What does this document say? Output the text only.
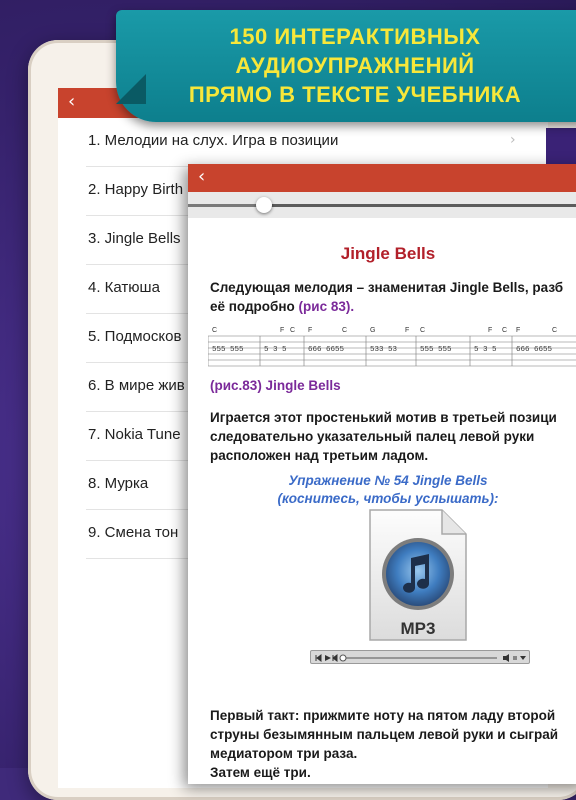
‹
1. Мелодии на слух. Игра в позиции	›
2. Happy Birth
3. Jingle Bells
4. Катюша
5. Подмосков
6. В мире жив
7. Nokia Tune
8. Мурка
9. Смена тон
150 ИНТЕРАКТИВНЫХ
АУДИОУПРАЖНЕНИЙ
ПРЯМО В ТЕКСТЕ УЧЕБНИКА
‹
Jingle Bells
Следующая мелодия – знаменитая Jingle Bells, разб
её подробно (рис 83).
C	F C F	C	G	F C	F C F	C
555 555	5 3 5	666 6655	533 53	555 555	5 3 5	666 6655
(рис.83) Jingle Bells
Играется этот простенький мотив в третьей позици
следовательно указательный палец левой руки
расположен над третьим ладом.
Упражнение № 54 Jingle Bells
(коснитесь, чтобы услышать):
MP3
Первый такт: прижмите ноту на пятом ладу второй
струны безымянным пальцем левой руки и сыграй
медиатором три раза.
Затем ещё три.
